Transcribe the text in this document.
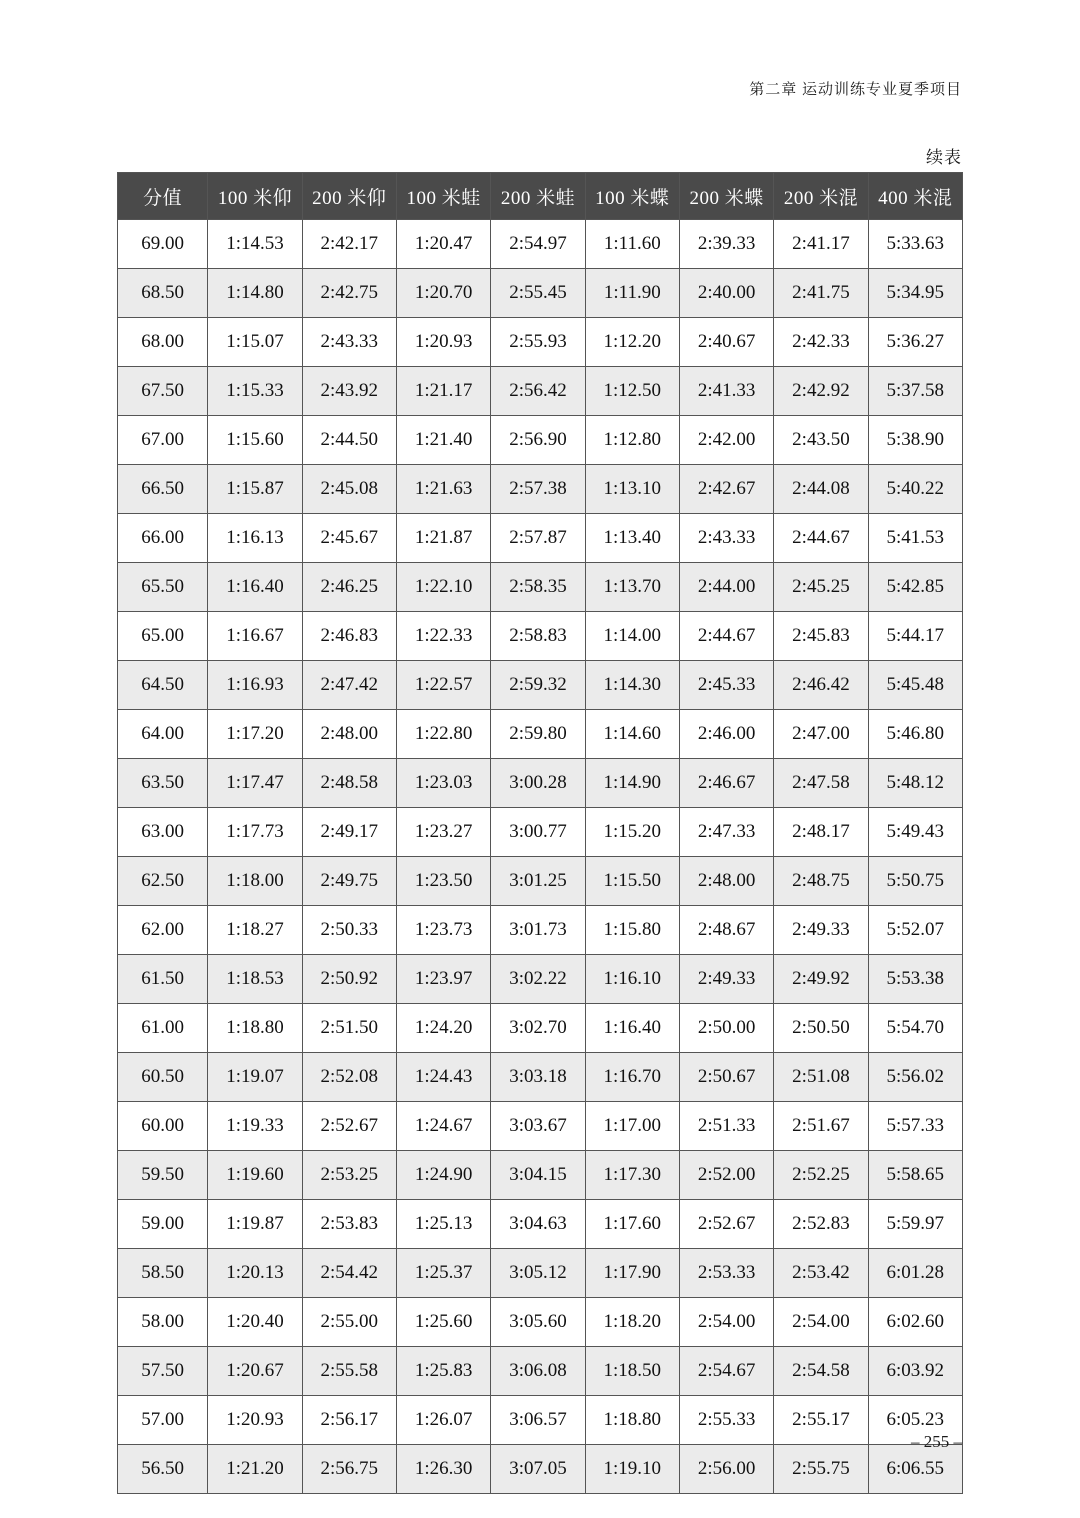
第二章 运动训练专业夏季项目
续表
分值	100 米仰	200 米仰	100 米蛙	200 米蛙	100 米蝶	200 米蝶	200 米混	400 米混
69.00	1:14.53	2:42.17	1:20.47	2:54.97	1:11.60	2:39.33	2:41.17	5:33.63
68.50	1:14.80	2:42.75	1:20.70	2:55.45	1:11.90	2:40.00	2:41.75	5:34.95
68.00	1:15.07	2:43.33	1:20.93	2:55.93	1:12.20	2:40.67	2:42.33	5:36.27
67.50	1:15.33	2:43.92	1:21.17	2:56.42	1:12.50	2:41.33	2:42.92	5:37.58
67.00	1:15.60	2:44.50	1:21.40	2:56.90	1:12.80	2:42.00	2:43.50	5:38.90
66.50	1:15.87	2:45.08	1:21.63	2:57.38	1:13.10	2:42.67	2:44.08	5:40.22
66.00	1:16.13	2:45.67	1:21.87	2:57.87	1:13.40	2:43.33	2:44.67	5:41.53
65.50	1:16.40	2:46.25	1:22.10	2:58.35	1:13.70	2:44.00	2:45.25	5:42.85
65.00	1:16.67	2:46.83	1:22.33	2:58.83	1:14.00	2:44.67	2:45.83	5:44.17
64.50	1:16.93	2:47.42	1:22.57	2:59.32	1:14.30	2:45.33	2:46.42	5:45.48
64.00	1:17.20	2:48.00	1:22.80	2:59.80	1:14.60	2:46.00	2:47.00	5:46.80
63.50	1:17.47	2:48.58	1:23.03	3:00.28	1:14.90	2:46.67	2:47.58	5:48.12
63.00	1:17.73	2:49.17	1:23.27	3:00.77	1:15.20	2:47.33	2:48.17	5:49.43
62.50	1:18.00	2:49.75	1:23.50	3:01.25	1:15.50	2:48.00	2:48.75	5:50.75
62.00	1:18.27	2:50.33	1:23.73	3:01.73	1:15.80	2:48.67	2:49.33	5:52.07
61.50	1:18.53	2:50.92	1:23.97	3:02.22	1:16.10	2:49.33	2:49.92	5:53.38
61.00	1:18.80	2:51.50	1:24.20	3:02.70	1:16.40	2:50.00	2:50.50	5:54.70
60.50	1:19.07	2:52.08	1:24.43	3:03.18	1:16.70	2:50.67	2:51.08	5:56.02
60.00	1:19.33	2:52.67	1:24.67	3:03.67	1:17.00	2:51.33	2:51.67	5:57.33
59.50	1:19.60	2:53.25	1:24.90	3:04.15	1:17.30	2:52.00	2:52.25	5:58.65
59.00	1:19.87	2:53.83	1:25.13	3:04.63	1:17.60	2:52.67	2:52.83	5:59.97
58.50	1:20.13	2:54.42	1:25.37	3:05.12	1:17.90	2:53.33	2:53.42	6:01.28
58.00	1:20.40	2:55.00	1:25.60	3:05.60	1:18.20	2:54.00	2:54.00	6:02.60
57.50	1:20.67	2:55.58	1:25.83	3:06.08	1:18.50	2:54.67	2:54.58	6:03.92
57.00	1:20.93	2:56.17	1:26.07	3:06.57	1:18.80	2:55.33	2:55.17	6:05.23
56.50	1:21.20	2:56.75	1:26.30	3:07.05	1:19.10	2:56.00	2:55.75	6:06.55
– 255 –
